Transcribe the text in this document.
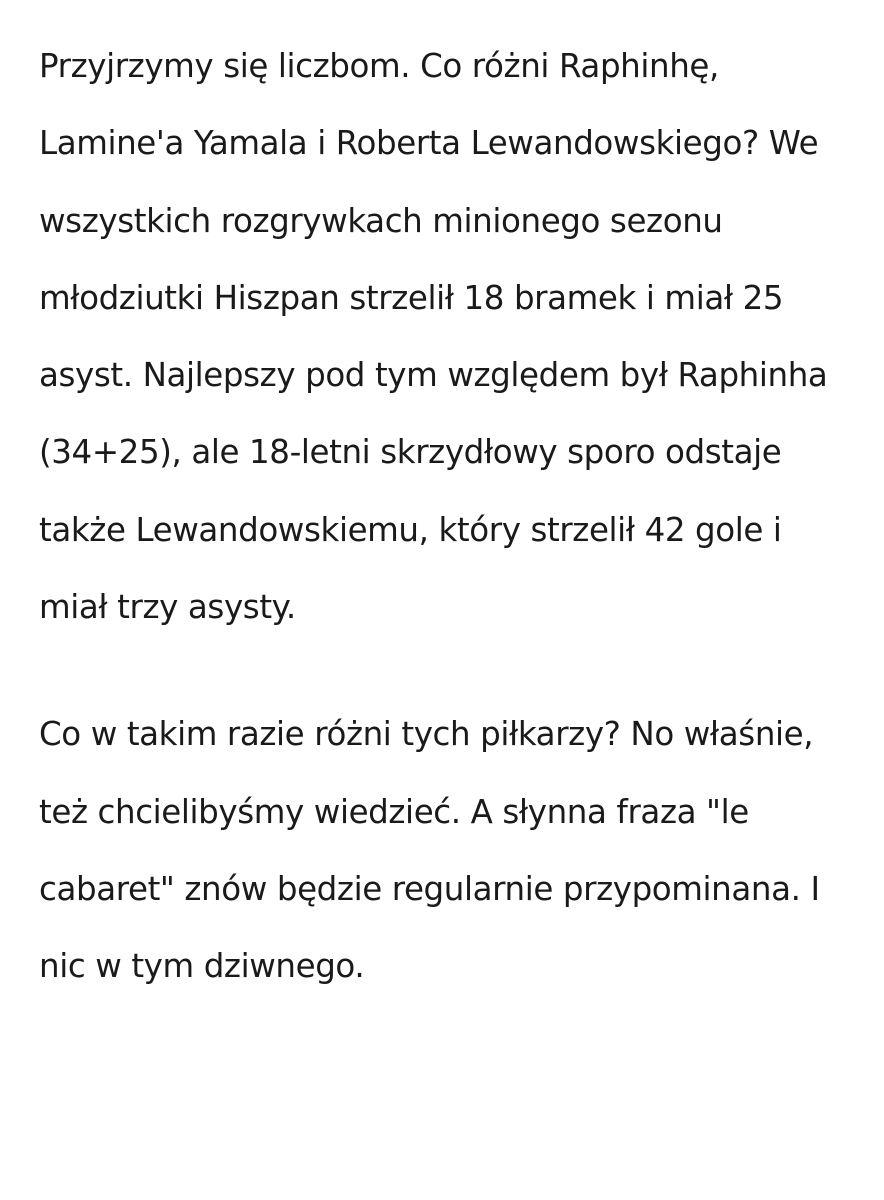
Przyjrzymy się liczbom. Co różni Raphinhę, Lamine'a Yamala i Roberta Lewandowskiego? We wszystkich rozgrywkach minionego sezonu młodziutki Hiszpan strzelił 18 bramek i miał 25 asyst. Najlepszy pod tym względem był Raphinha (34+25), ale 18-letni skrzydłowy sporo odstaje także Lewandowskiemu, który strzelił 42 gole i miał trzy asysty.

Co w takim razie różni tych piłkarzy? No właśnie, też chcielibyśmy wiedzieć. A słynna fraza "le cabaret" znów będzie regularnie przypominana. I nic w tym dziwnego.
